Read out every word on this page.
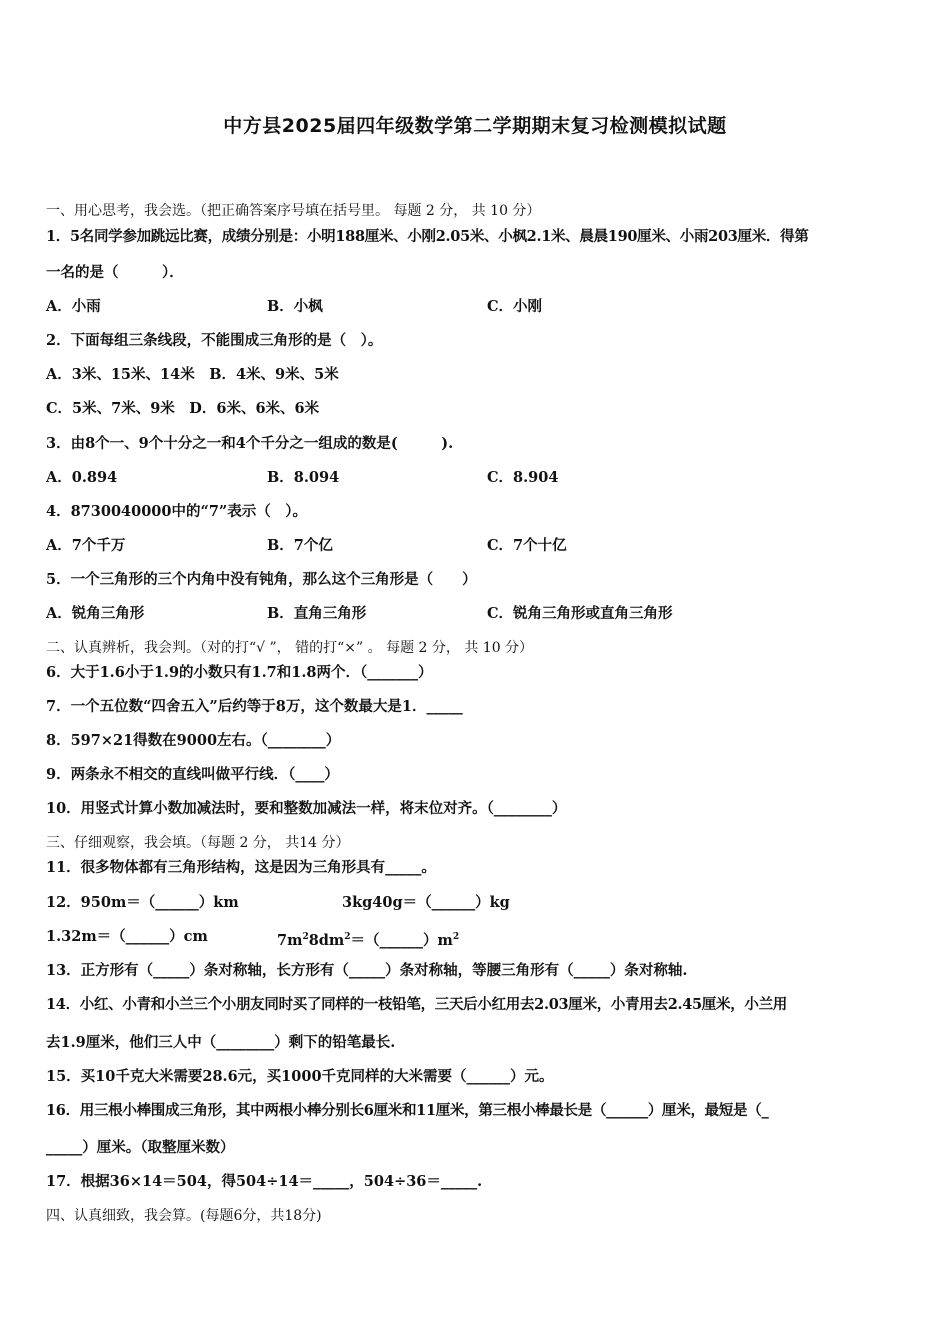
中方县2025届四年级数学第二学期期末复习检测模拟试题
一、用心思考，我会选。（把正确答案序号填在括号里。 每题 2 分， 共 10 分）
1．5名同学参加跳远比赛，成绩分别是：小明188厘米、小刚2.05米、小枫2.1米、晨晨190厘米、小雨203厘米．得第
一名的是（　　　）．
A．小雨	B．小枫	C．小刚
2．下面每组三条线段，不能围成三角形的是（　）。
A．3米、15米、14米　B．4米、9米、5米
C．5米、7米、9米　D．6米、6米、6米
3．由8个一、9个十分之一和4个千分之一组成的数是(　　　).
A．0.894	B．8.094	C．8.904
4．8730040000中的“7”表示（　）。
A．7个千万	B．7个亿	C．7个十亿
5．一个三角形的三个内角中没有钝角，那么这个三角形是（　　）
A．锐角三角形	B．直角三角形	C．锐角三角形或直角三角形
二、认真辨析，我会判。（对的打“√ ”， 错的打“×” 。 每题 2 分， 共 10 分）
6．大于1.6小于1.9的小数只有1.7和1.8两个．（_______）
7．一个五位数“四舍五入”后约等于8万，这个数最大是1．_____
8．597×21得数在9000左右。（________）
9．两条永不相交的直线叫做平行线．（____）
10．用竖式计算小数加减法时，要和整数加减法一样，将末位对齐。（________）
三、仔细观察，我会填。（每题 2 分， 共14 分）
11．很多物体都有三角形结构，这是因为三角形具有_____。
12．950m＝（______）km	3kg40g＝（______）kg
1.32m＝（______）cm	$7m^28dm^2=(\_\_\_\_\_\_)m^2$
13．正方形有（_____）条对称轴，长方形有（_____）条对称轴，等腰三角形有（_____）条对称轴.
14．小红、小青和小兰三个小朋友同时买了同样的一枝铅笔，三天后小红用去2.03厘米，小青用去2.45厘米，小兰用
去1.9厘米，他们三人中（________）剩下的铅笔最长.
15．买10千克大米需要28.6元，买1000千克同样的大米需要（______）元。
16．用三根小棒围成三角形，其中两根小棒分别长6厘米和11厘米，第三根小棒最长是（______）厘米，最短是（_
_____）厘米。（取整厘米数）
17．根据36×14＝504，得504÷14＝_____，504÷36＝_____.
四、认真细致，我会算。(每题6分，共18分)
